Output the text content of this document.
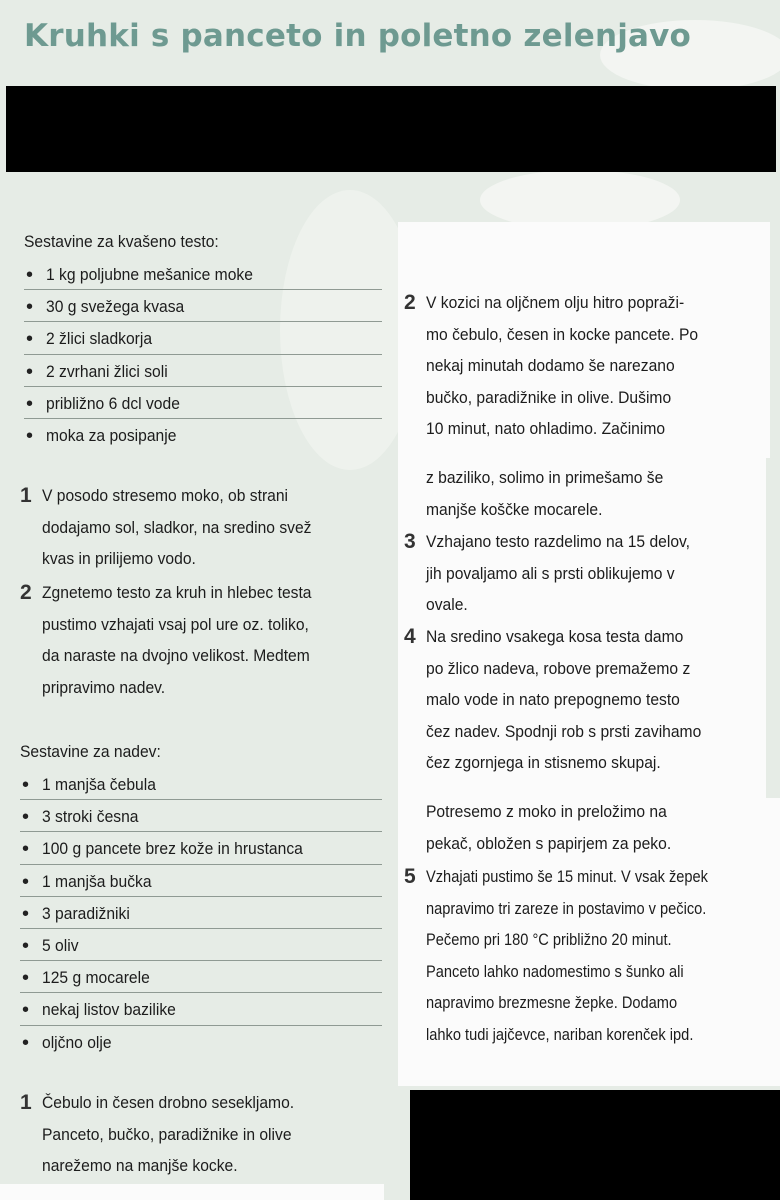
Kruhki s panceto in poletno zelenjavo
Sestavine za kvašeno testo:
• 1 kg poljubne mešanice moke
• 30 g svežega kvasa
• 2 žlici sladkorja
• 2 zvrhani žlici soli
• približno 6 dcl vode
• moka za posipanje
1 V posodo stresemo moko, ob strani
dodajamo sol, sladkor, na sredino svež
kvas in prilijemo vodo.
2 Zgnetemo testo za kruh in hlebec testa
pustimo vzhajati vsaj pol ure oz. toliko,
da naraste na dvojno velikost. Medtem
pripravimo nadev.
Sestavine za nadev:
• 1 manjša čebula
• 3 stroki česna
• 100 g pancete brez kože in hrustanca
• 1 manjša bučka
• 3 paradižniki
• 5 oliv
• 125 g mocarele
• nekaj listov bazilike
• oljčno olje
1 Čebulo in česen drobno sesekljamo.
Panceto, bučko, paradižnike in olive
narežemo na manjše kocke.
2 V kozici na oljčnem olju hitro popraži-
mo čebulo, česen in kocke pancete. Po
nekaj minutah dodamo še narezano
bučko, paradižnike in olive. Dušimo
10 minut, nato ohladimo. Začinimo
z baziliko, solimo in primešamo še
manjše koščke mocarele.
3 Vzhajano testo razdelimo na 15 delov,
jih povaljamo ali s prsti oblikujemo v
ovale.
4 Na sredino vsakega kosa testa damo
po žlico nadeva, robove premažemo z
malo vode in nato prepognemo testo
čez nadev. Spodnji rob s prsti zavihamo
čez zgornjega in stisnemo skupaj.
Potresemo z moko in preložimo na
pekač, obložen s papirjem za peko.
5 Vzhajati pustimo še 15 minut. V vsak žepek
napravimo tri zareze in postavimo v pečico.
Pečemo pri 180 °C približno 20 minut.
Panceto lahko nadomestimo s šunko ali
napravimo brezmesne žepke. Dodamo
lahko tudi jajčevce, nariban korenček ipd.
